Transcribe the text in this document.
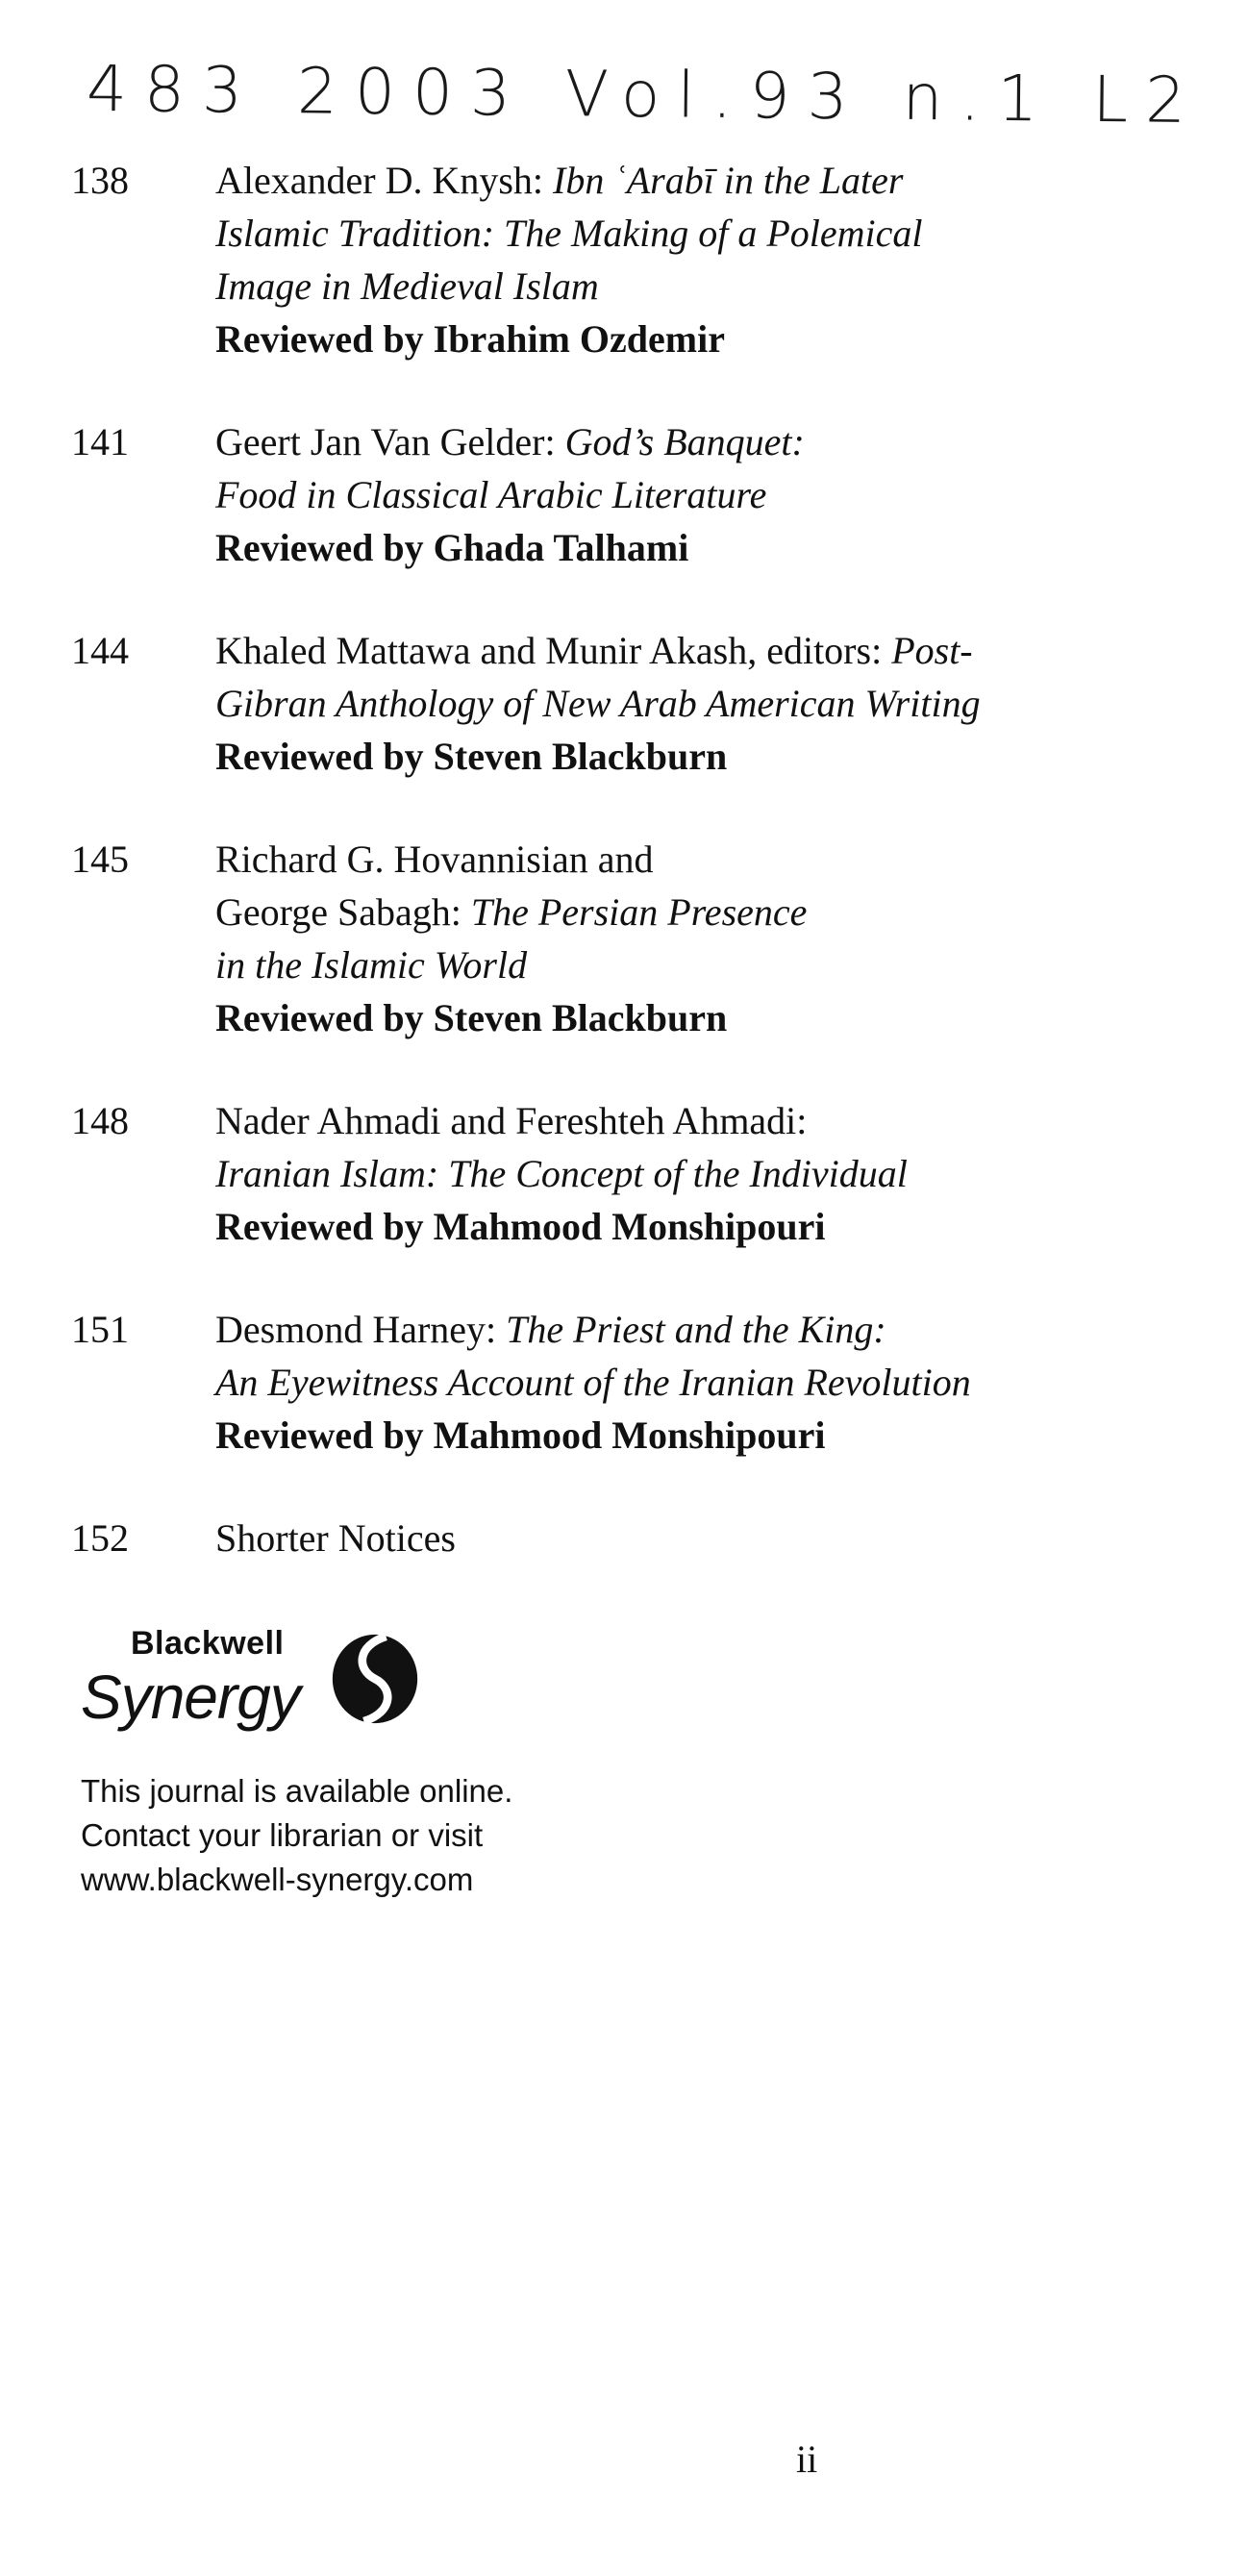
483 2003 Vol.93 n.1 L2
138	Alexander D. Knysh: Ibn ʿArabī in the Later
Islamic Tradition: The Making of a Polemical
Image in Medieval Islam
Reviewed by Ibrahim Ozdemir
141	Geert Jan Van Gelder: God’s Banquet:
Food in Classical Arabic Literature
Reviewed by Ghada Talhami
144	Khaled Mattawa and Munir Akash, editors: Post-
Gibran Anthology of New Arab American Writing
Reviewed by Steven Blackburn
145	Richard G. Hovannisian and
George Sabagh: The Persian Presence
in the Islamic World
Reviewed by Steven Blackburn
148	Nader Ahmadi and Fereshteh Ahmadi:
Iranian Islam: The Concept of the Individual
Reviewed by Mahmood Monshipouri
151	Desmond Harney: The Priest and the King:
An Eyewitness Account of the Iranian Revolution
Reviewed by Mahmood Monshipouri
152	Shorter Notices
Blackwell
Synergy
This journal is available online.
Contact your librarian or visit
www.blackwell-synergy.com
ii
